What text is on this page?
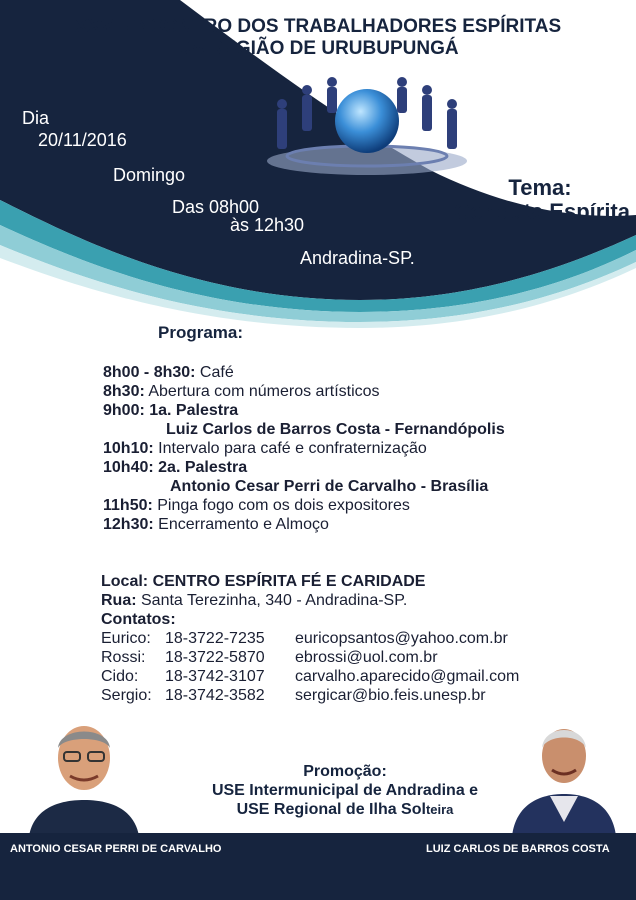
XXVI ENCONTRO DOS TRABALHADORES ESPÍRITAS
DA REGIÃO DE URUBUPUNGÁ
Dia
20/11/2016
Domingo
Das 08h00
às 12h30
Andradina-SP.
Tema:
Conduta Espírita
Programa:
8h00 - 8h30: Café
8h30: Abertura com números artísticos
9h00: 1a. Palestra
Luiz Carlos de Barros Costa - Fernandópolis
10h10: Intervalo para café e confraternização
10h40: 2a. Palestra
Antonio Cesar Perri de Carvalho - Brasília
11h50: Pinga fogo com os dois expositores
12h30: Encerramento e Almoço
Local: CENTRO ESPÍRITA FÉ E CARIDADE
Rua: Santa Terezinha, 340 - Andradina-SP.
Contatos:
Eurico: 18-3722-7235 euricopsantos@yahoo.com.br
Rossi: 18-3722-5870 ebrossi@uol.com.br
Cido: 18-3742-3107 carvalho.aparecido@gmail.com
Sergio: 18-3742-3582 sergicar@bio.feis.unesp.br
Promoção:
USE Intermunicipal de Andradina e
USE Regional de Ilha Solteira
ANTONIO CESAR PERRI DE CARVALHO	LUIZ CARLOS DE BARROS COSTA
